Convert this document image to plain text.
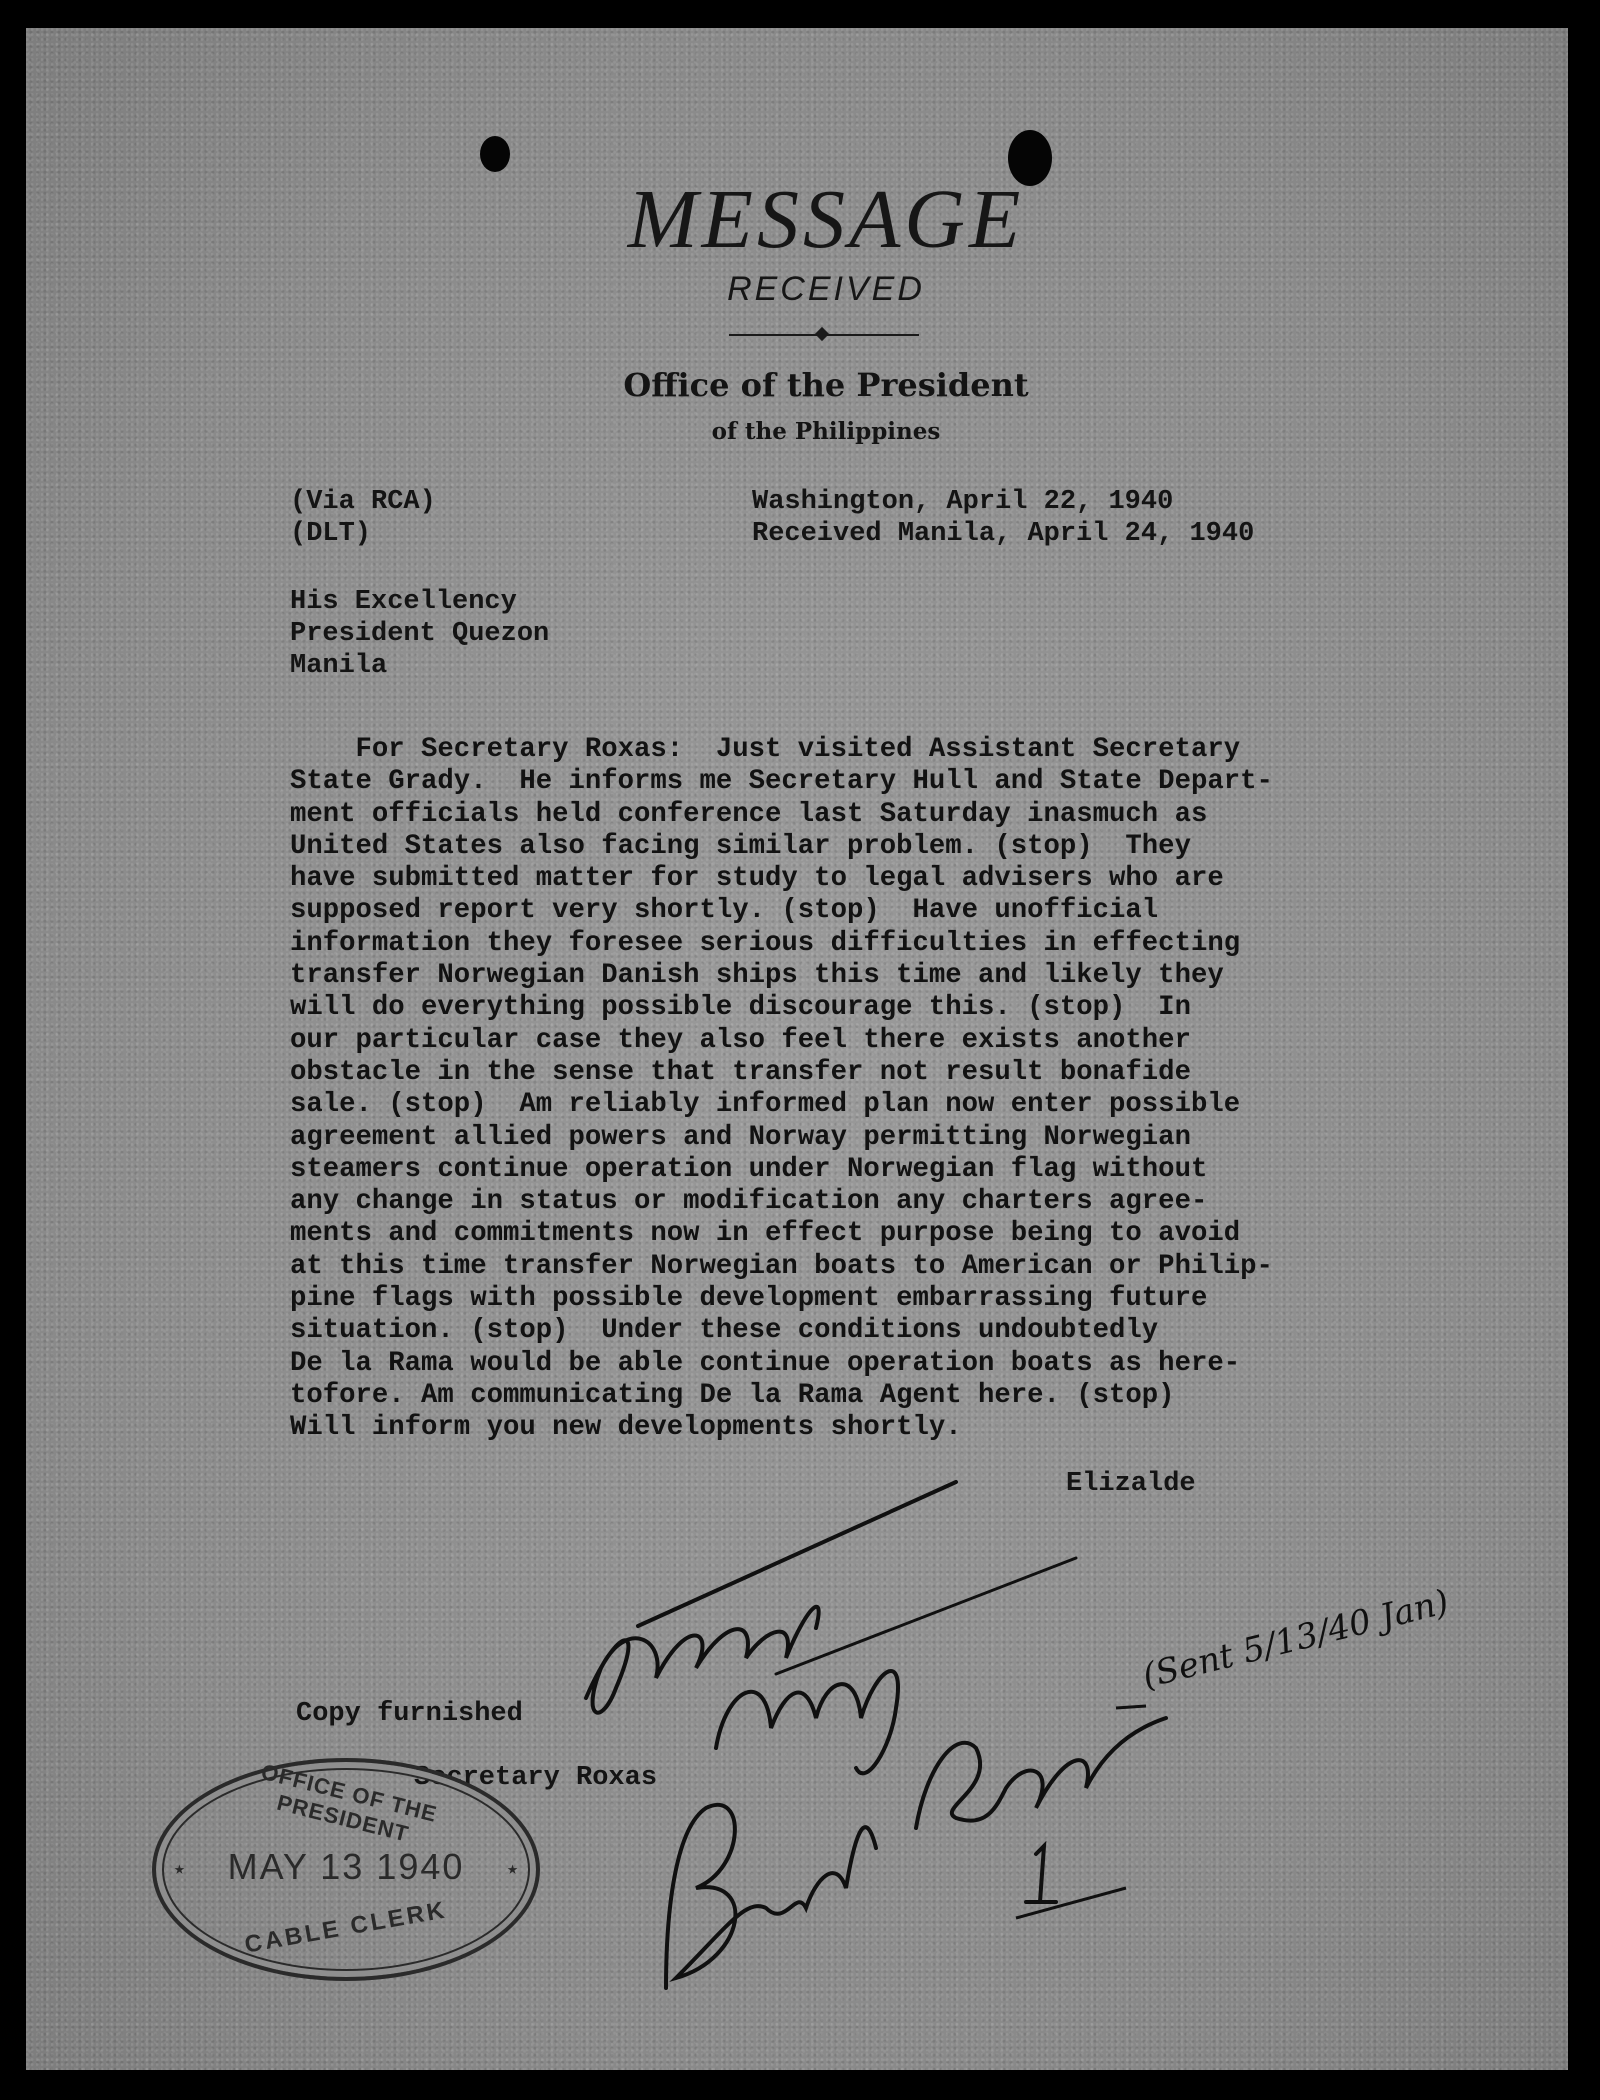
MESSAGE
RECEIVED
Office of the President
of the Philippines
(Via RCA)
(DLT)
Washington, April 22, 1940
Received Manila, April 24, 1940
His Excellency
President Quezon
Manila
For Secretary Roxas:  Just visited Assistant Secretary
State Grady.  He informs me Secretary Hull and State Depart-
ment officials held conference last Saturday inasmuch as
United States also facing similar problem. (stop)  They
have submitted matter for study to legal advisers who are
supposed report very shortly. (stop)  Have unofficial
information they foresee serious difficulties in effecting
transfer Norwegian Danish ships this time and likely they
will do everything possible discourage this. (stop)  In
our particular case they also feel there exists another
obstacle in the sense that transfer not result bonafide
sale. (stop)  Am reliably informed plan now enter possible
agreement allied powers and Norway permitting Norwegian
steamers continue operation under Norwegian flag without
any change in status or modification any charters agree-
ments and commitments now in effect purpose being to avoid
at this time transfer Norwegian boats to American or Philip-
pine flags with possible development embarrassing future
situation. (stop)  Under these conditions undoubtedly
De la Rama would be able continue operation boats as here-
tofore. Am communicating De la Rama Agent here. (stop)
Will inform you new developments shortly.
Elizalde
Copy furnished
Secretary Roxas
OFFICE OF THE PRESIDENT
★	★
MAY 13 1940
CABLE CLERK
(Sent 5/13/40 Jan)
